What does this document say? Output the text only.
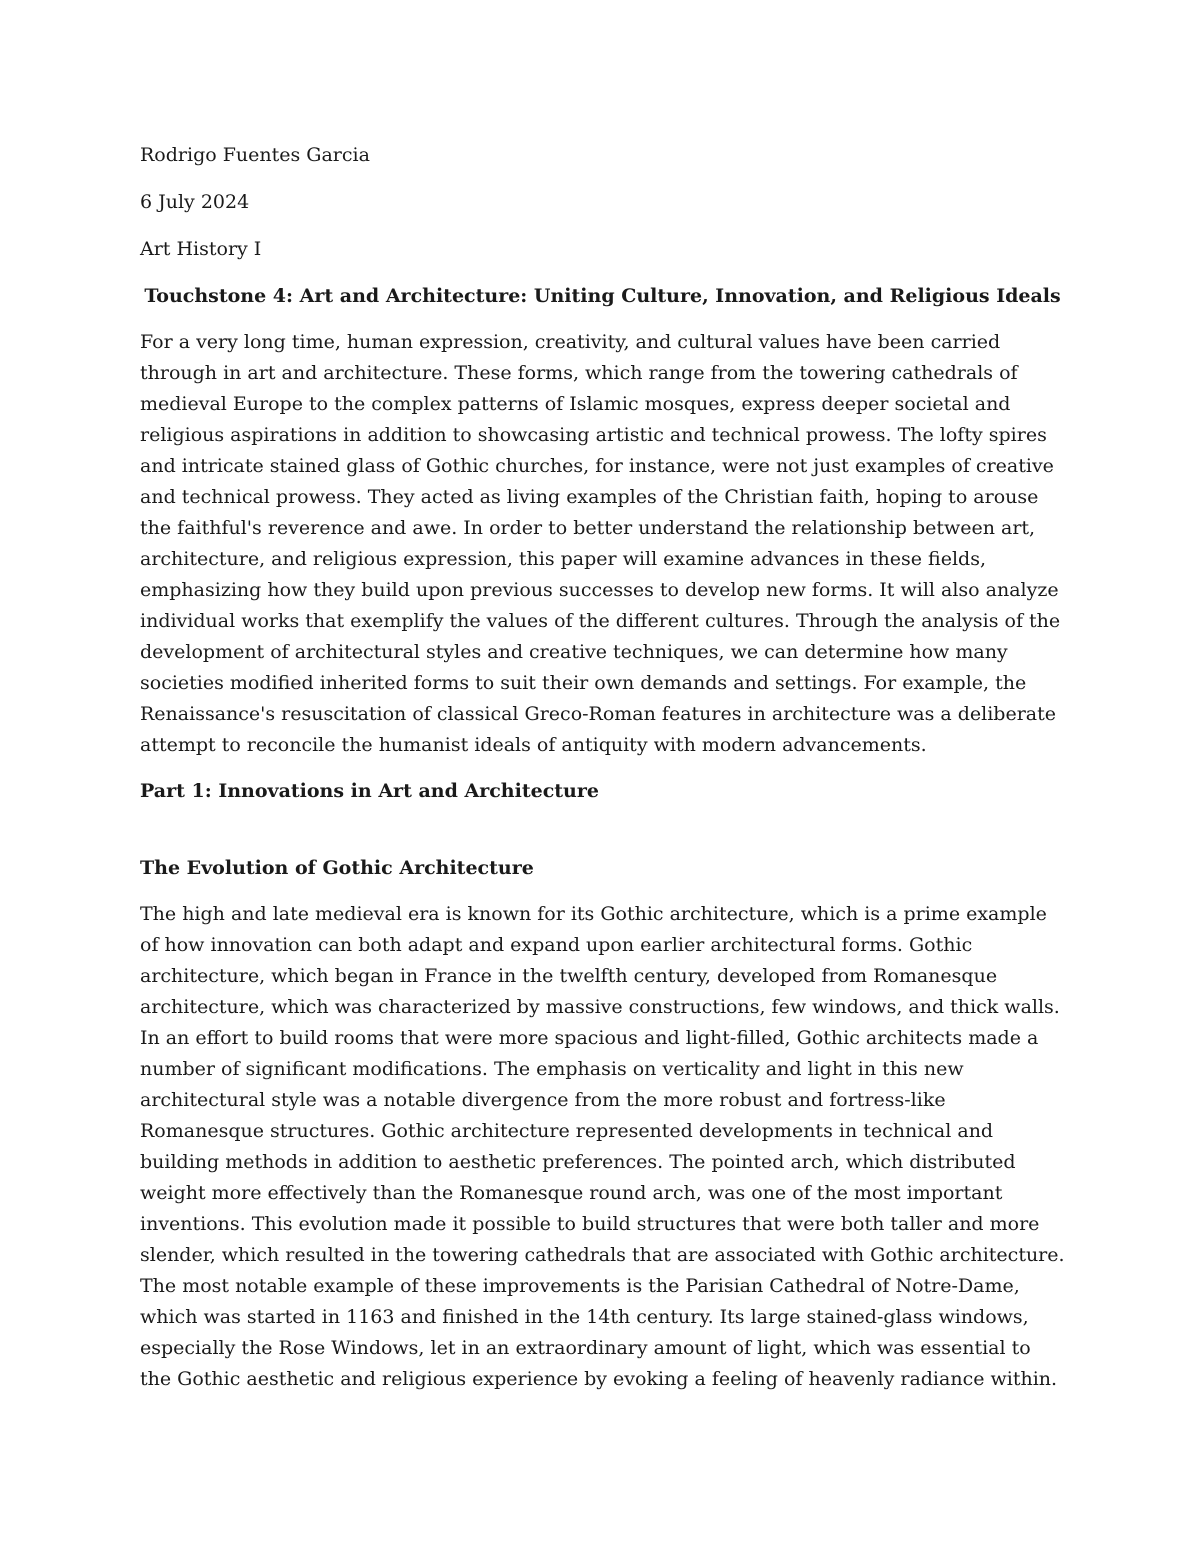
Rodrigo Fuentes Garcia

6 July 2024

Art History I

Touchstone 4: Art and Architecture: Uniting Culture, Innovation, and Religious Ideals

For a very long time, human expression, creativity, and cultural values have been carried through in art and architecture. These forms, which range from the towering cathedrals of medieval Europe to the complex patterns of Islamic mosques, express deeper societal and religious aspirations in addition to showcasing artistic and technical prowess. The lofty spires and intricate stained glass of Gothic churches, for instance, were not just examples of creative and technical prowess. They acted as living examples of the Christian faith, hoping to arouse the faithful's reverence and awe. In order to better understand the relationship between art, architecture, and religious expression, this paper will examine advances in these fields, emphasizing how they build upon previous successes to develop new forms. It will also analyze individual works that exemplify the values of the different cultures. Through the analysis of the development of architectural styles and creative techniques, we can determine how many societies modified inherited forms to suit their own demands and settings. For example, the Renaissance's resuscitation of classical Greco-Roman features in architecture was a deliberate attempt to reconcile the humanist ideals of antiquity with modern advancements.

Part 1: Innovations in Art and Architecture

The Evolution of Gothic Architecture

The high and late medieval era is known for its Gothic architecture, which is a prime example of how innovation can both adapt and expand upon earlier architectural forms. Gothic architecture, which began in France in the twelfth century, developed from Romanesque architecture, which was characterized by massive constructions, few windows, and thick walls. In an effort to build rooms that were more spacious and light-filled, Gothic architects made a number of significant modifications. The emphasis on verticality and light in this new architectural style was a notable divergence from the more robust and fortress-like Romanesque structures. Gothic architecture represented developments in technical and building methods in addition to aesthetic preferences. The pointed arch, which distributed weight more effectively than the Romanesque round arch, was one of the most important inventions. This evolution made it possible to build structures that were both taller and more slender, which resulted in the towering cathedrals that are associated with Gothic architecture. The most notable example of these improvements is the Parisian Cathedral of Notre-Dame, which was started in 1163 and finished in the 14th century. Its large stained-glass windows, especially the Rose Windows, let in an extraordinary amount of light, which was essential to the Gothic aesthetic and religious experience by evoking a feeling of heavenly radiance within.
